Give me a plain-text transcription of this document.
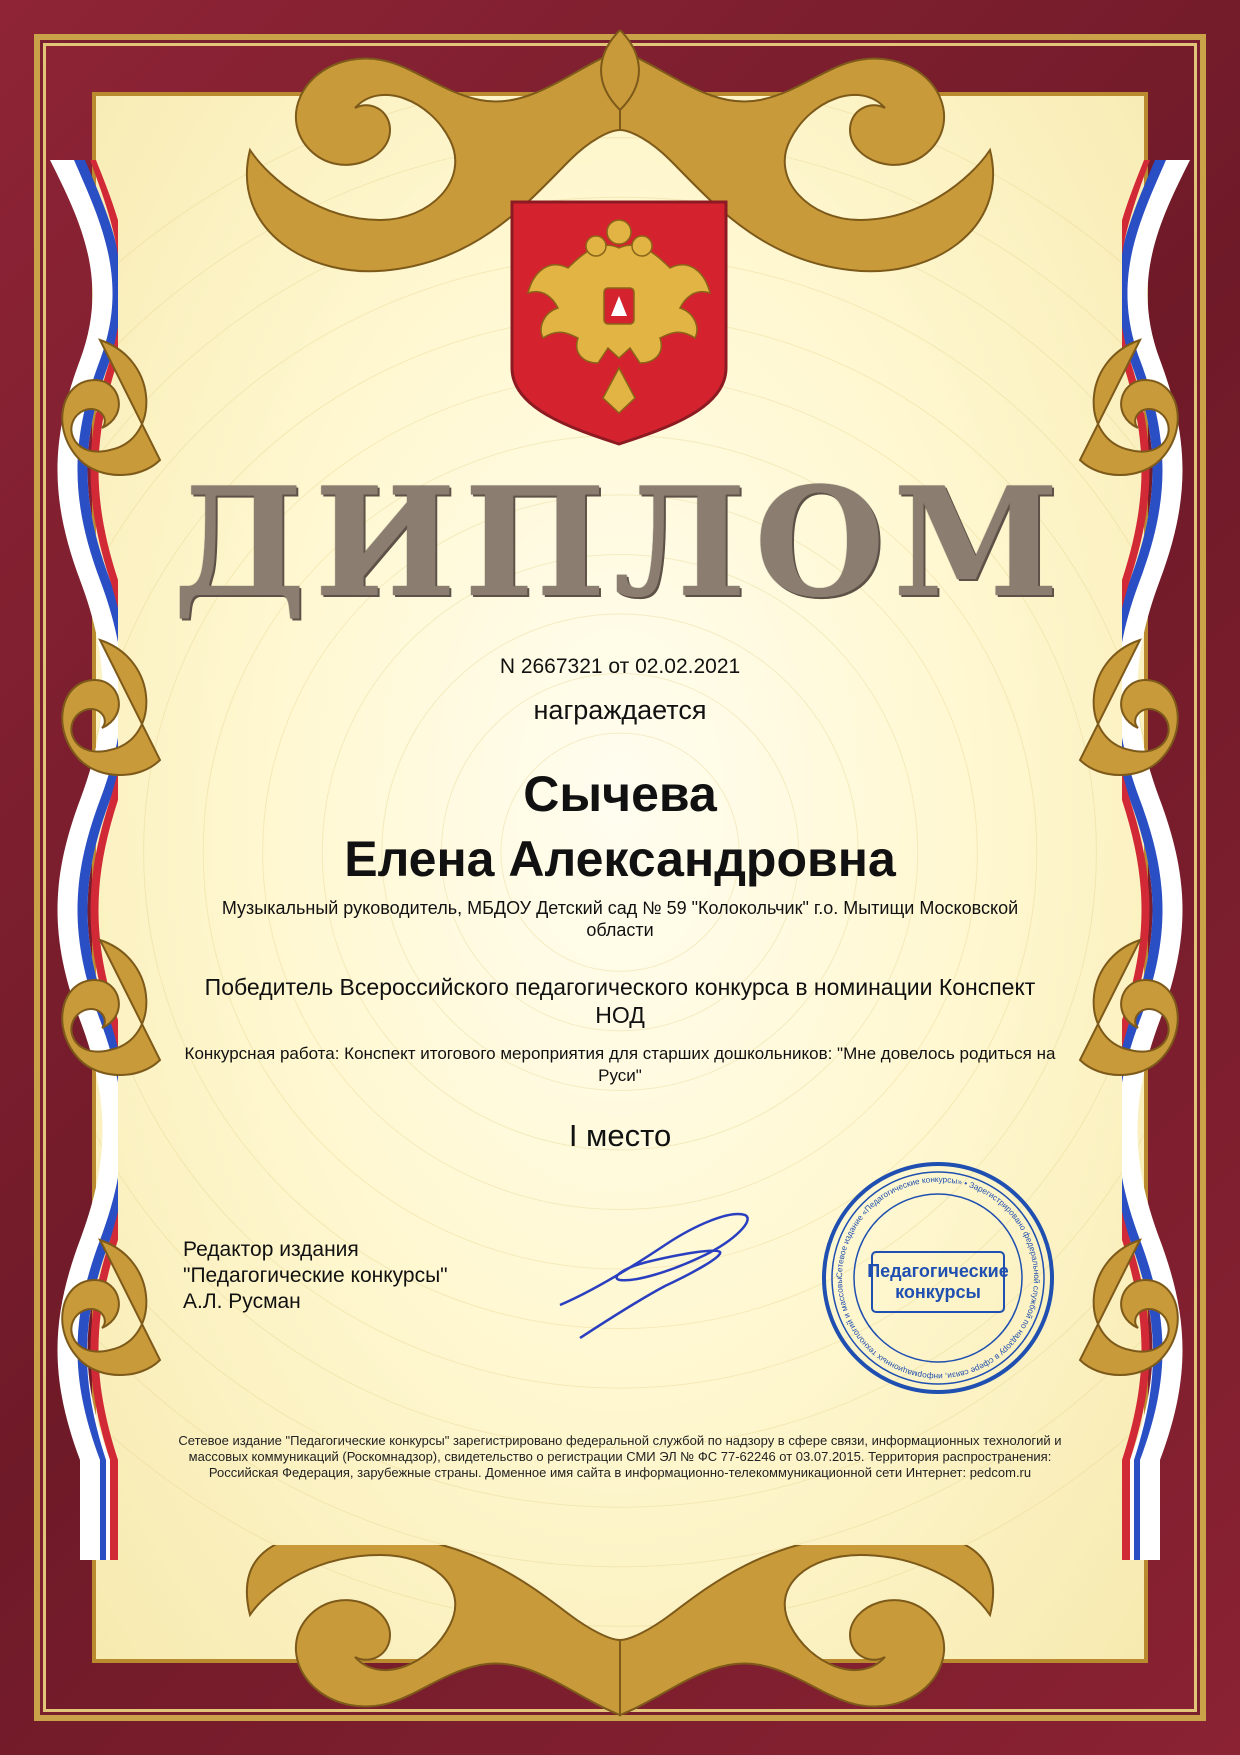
ДИПЛОМ
N 2667321 от 02.02.2021
награждается
Сычева
Елена Александровна
Музыкальный руководитель, МБДОУ Детский сад № 59 "Колокольчик" г.о. Мытищи Московской области
Победитель Всероссийского педагогического конкурса в номинации Конспект НОД
Конкурсная работа: Конспект итогового мероприятия для старших дошкольников: "Мне довелось родиться на Руси"
I место
Редактор издания
"Педагогические конкурсы"
А.Л. Русман
Сетевое издание «Педагогические конкурсы» • Зарегистрировано федеральной службой по надзору в сфере связи, информационных технологий и массовы	Педагогические конкурсы
Сетевое издание "Педагогические конкурсы" зарегистрировано федеральной службой по надзору в сфере связи, информационных технологий и массовых коммуникаций (Роскомнадзор), свидетельство о регистрации СМИ ЭЛ № ФС 77-62246 от 03.07.2015. Территория распространения: Российская Федерация, зарубежные страны. Доменное имя сайта в информационно-телекоммуникационной сети Интернет: pedcom.ru
